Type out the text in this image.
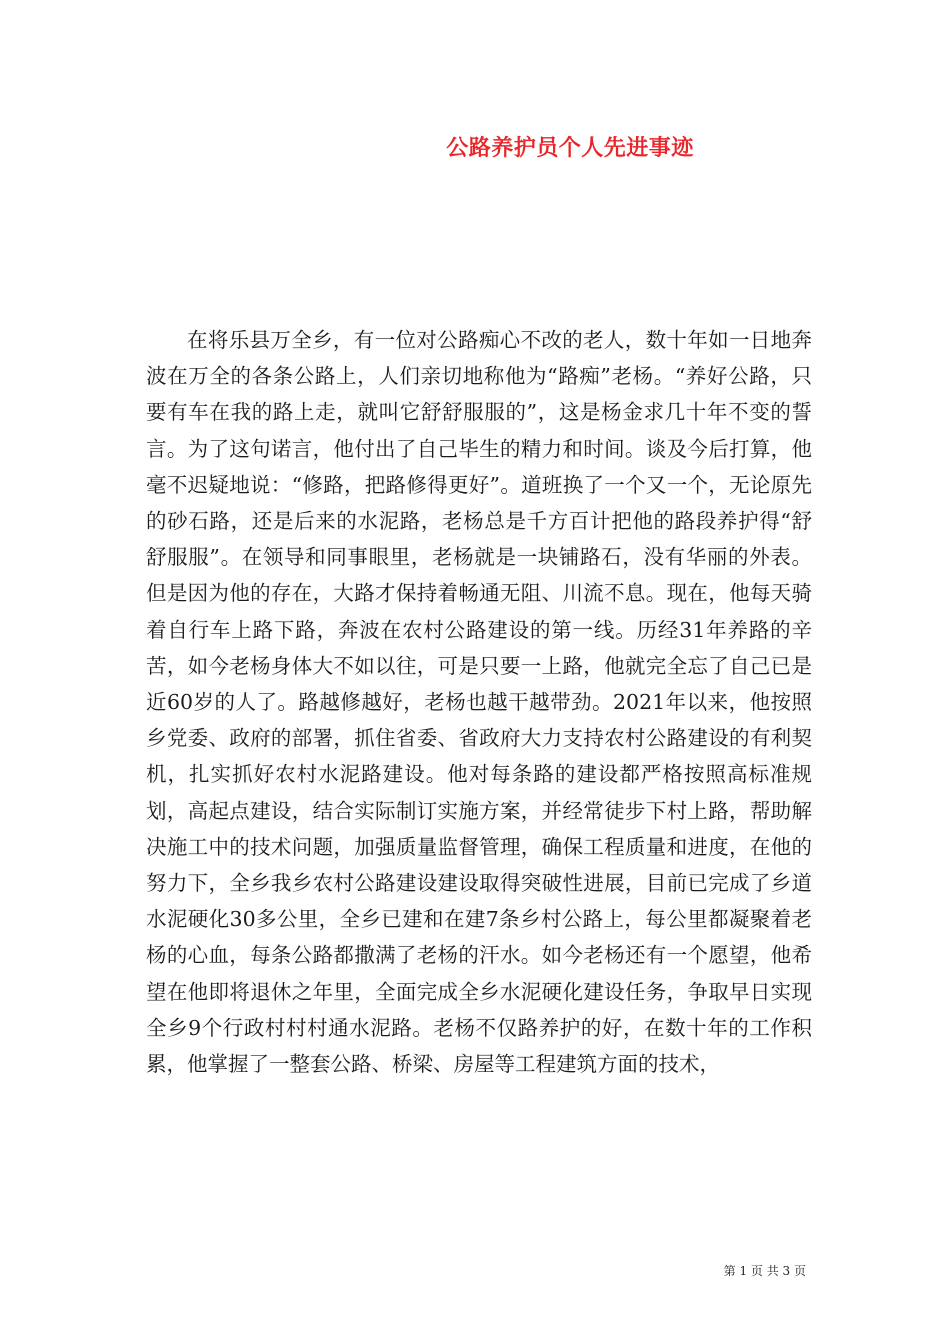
公路养护员个人先进事迹

在将乐县万全乡，有一位对公路痴心不改的老人，数十年如一日地奔波在万全的各条公路上，人们亲切地称他为“路痴”老杨。“养好公路，只要有车在我的路上走，就叫它舒舒服服的”，这是杨金求几十年不变的誓言。为了这句诺言，他付出了自己毕生的精力和时间。谈及今后打算，他毫不迟疑地说：“修路，把路修得更好”。道班换了一个又一个，无论原先的砂石路，还是后来的水泥路，老杨总是千方百计把他的路段养护得“舒舒服服”。在领导和同事眼里，老杨就是一块铺路石，没有华丽的外表。但是因为他的存在，大路才保持着畅通无阻、川流不息。现在，他每天骑着自行车上路下路，奔波在农村公路建设的第一线。历经31年养路的辛苦，如今老杨身体大不如以往，可是只要一上路，他就完全忘了自己已是近60岁的人了。路越修越好，老杨也越干越带劲。2021年以来，他按照乡党委、政府的部署，抓住省委、省政府大力支持农村公路建设的有利契机，扎实抓好农村水泥路建设。他对每条路的建设都严格按照高标准规划，高起点建设，结合实际制订实施方案，并经常徒步下村上路，帮助解决施工中的技术问题，加强质量监督管理，确保工程质量和进度，在他的努力下，全乡我乡农村公路建设建设取得突破性进展，目前已完成了乡道水泥硬化30多公里，全乡已建和在建7条乡村公路上，每公里都凝聚着老杨的心血，每条公路都撒满了老杨的汗水。如今老杨还有一个愿望，他希望在他即将退休之年里，全面完成全乡水泥硬化建设任务，争取早日实现全乡9个行政村村村通水泥路。老杨不仅路养护的好，在数十年的工作积累，他掌握了一整套公路、桥梁、房屋等工程建筑方面的技术，

第 1 页 共 3 页
